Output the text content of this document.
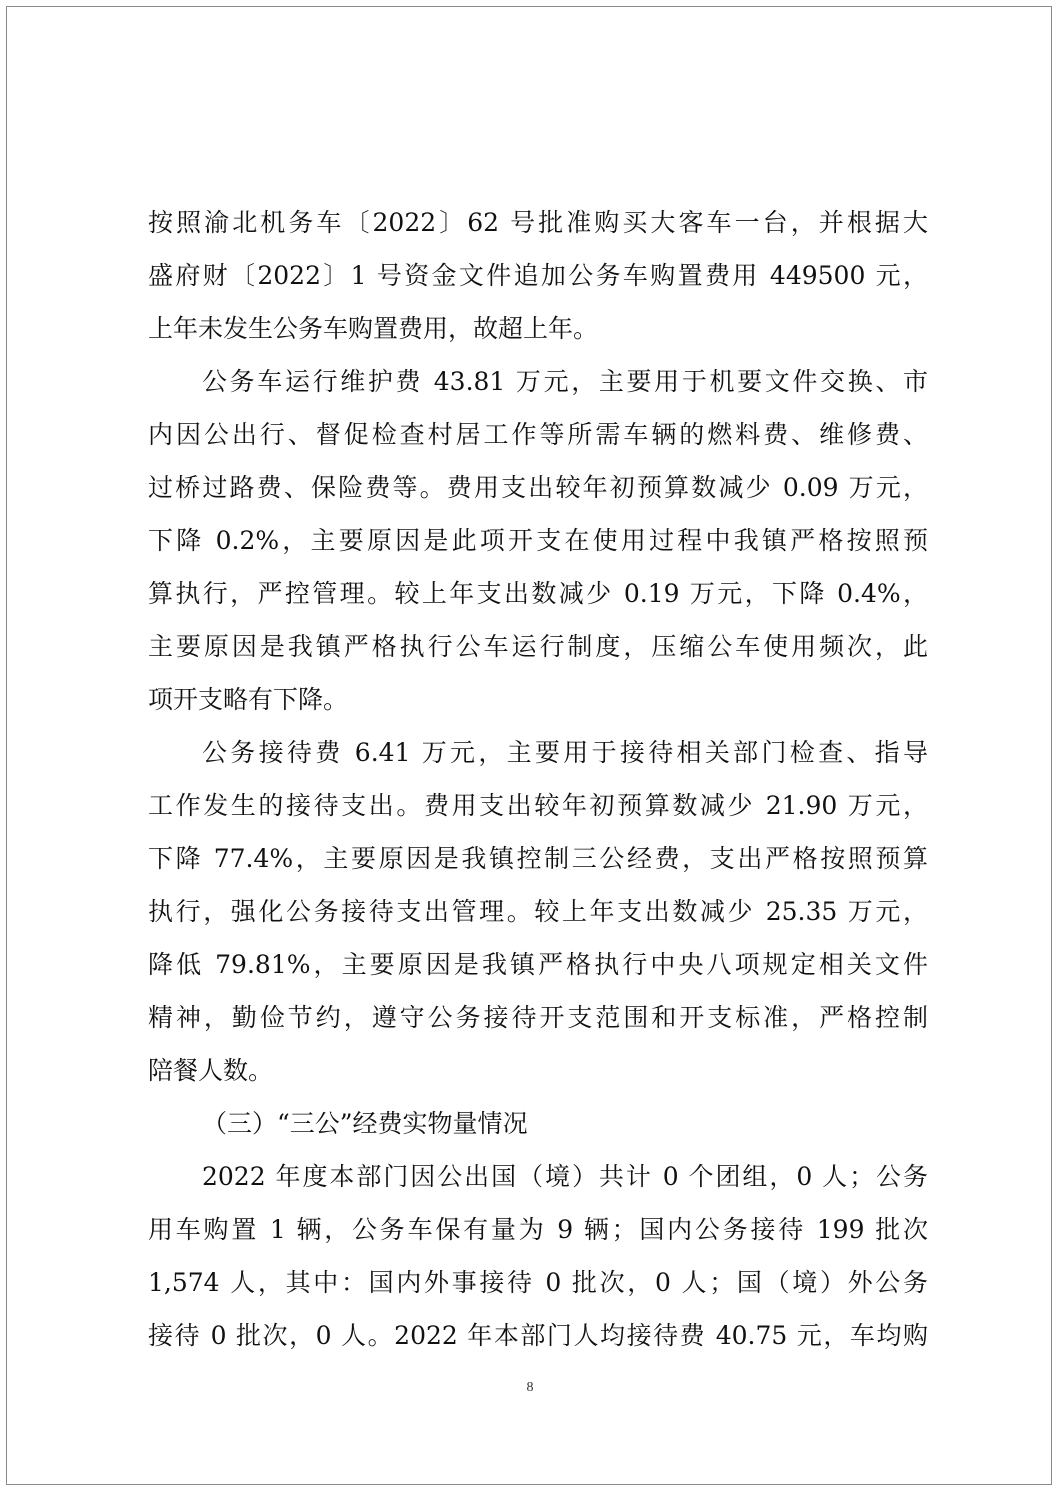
按照渝北机务车〔2022〕62 号批准购买大客车一台，并根据大
盛府财〔2022〕1 号资金文件追加公务车购置费用 449500 元，
上年未发生公务车购置费用，故超上年。
公务车运行维护费 43.81 万元，主要用于机要文件交换、市
内因公出行、督促检查村居工作等所需车辆的燃料费、维修费、
过桥过路费、保险费等。费用支出较年初预算数减少 0.09 万元，
下降 0.2%，主要原因是此项开支在使用过程中我镇严格按照预
算执行，严控管理。较上年支出数减少 0.19 万元，下降 0.4%，
主要原因是我镇严格执行公车运行制度，压缩公车使用频次，此
项开支略有下降。
公务接待费 6.41 万元，主要用于接待相关部门检查、指导
工作发生的接待支出。费用支出较年初预算数减少 21.90 万元，
下降 77.4%，主要原因是我镇控制三公经费，支出严格按照预算
执行，强化公务接待支出管理。较上年支出数减少 25.35 万元，
降低 79.81%，主要原因是我镇严格执行中央八项规定相关文件
精神，勤俭节约，遵守公务接待开支范围和开支标准，严格控制
陪餐人数。
（三）“三公”经费实物量情况
2022 年度本部门因公出国（境）共计 0 个团组，0 人；公务
用车购置 1 辆，公务车保有量为 9 辆；国内公务接待 199 批次
1,574 人，其中：国内外事接待 0 批次，0 人；国（境）外公务
接待 0 批次，0 人。2022 年本部门人均接待费 40.75 元，车均购
8
